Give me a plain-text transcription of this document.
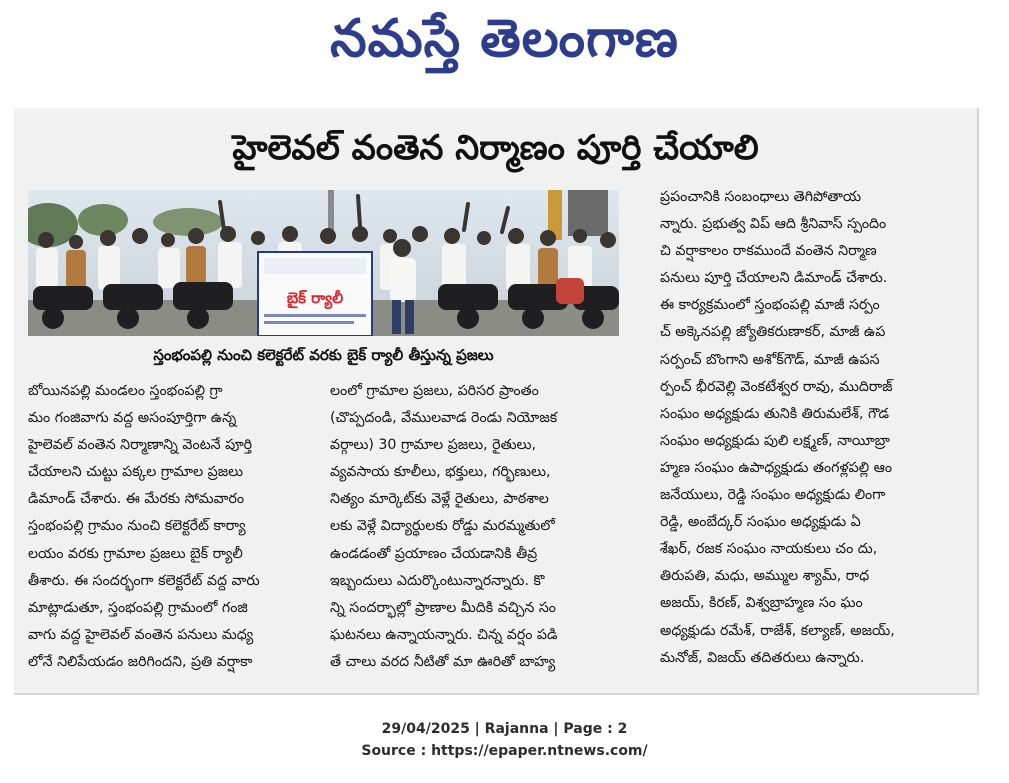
నమస్తే తెలంగాణ
హైలెవల్ వంతెన నిర్మాణం పూర్తి చేయాలి
బైక్ ర్యాలీ
స్తంభంపల్లి నుంచి కలెక్టరేట్ వరకు బైక్ ర్యాలీ తీస్తున్న ప్రజలు
బోయినపల్లి మండలం స్తంభంపల్లి గ్రా
మం గంజివాగు వద్ద అసంపూర్తిగా ఉన్న
హైలెవల్ వంతెన నిర్మాణాన్ని వెంటనే పూర్తి
చేయాలని చుట్టు పక్కల గ్రామాల ప్రజలు
డిమాండ్ చేశారు. ఈ మేరకు సోమవారం
స్తంభంపల్లి గ్రామం నుంచి కలెక్టరేట్ కార్యా
లయం వరకు గ్రామాల ప్రజలు బైక్ ర్యాలీ
తీశారు. ఈ సందర్భంగా కలెక్టరేట్ వద్ద వారు
మాట్లాడుతూ, స్తంభంపల్లి గ్రామంలో గంజి
వాగు వద్ద హైలెవల్ వంతెన పనులు మధ్య
లోనే నిలిపేయడం జరిగిందని, ప్రతి వర్షాకా
లంలో గ్రామాల ప్రజలు, పరిసర ప్రాంతం
(చొప్పదండి, వేములవాడ రెండు నియోజక
వర్గాలు) 30 గ్రామాల ప్రజలు, రైతులు,
వ్యవసాయ కూలీలు, భక్తులు, గర్భిణులు,
నిత్యం మార్కెట్‌కు వెళ్లే రైతులు, పాఠశాల
లకు వెళ్లే విద్యార్థులకు రోడ్డు మరమ్మతులో
ఉండడంతో ప్రయాణం చేయడానికి తీవ్ర
ఇబ్బందులు ఎదుర్కొంటున్నారన్నారు. కొ
న్ని సందర్భాల్లో ప్రాణాల మీదికి వచ్చిన సం
ఘటనలు ఉన్నాయన్నారు. చిన్న వర్షం పడి
తే చాలు వరద నీటితో మా ఊరితో బాహ్య
ప్రపంచానికి సంబంధాలు తెగిపోతాయ
న్నారు. ప్రభుత్వ విప్ ఆది శ్రీనివాస్ స్పందిం
చి వర్షాకాలం రాకముందే వంతెన నిర్మాణ
పనులు పూర్తి చేయాలని డిమాండ్ చేశారు.
ఈ కార్యక్రమంలో స్తంభంపల్లి మాజీ సర్పం
చ్ అక్కెనపల్లి జ్యోతికరుణాకర్, మాజీ ఉప
సర్పంచ్ బొంగాని అశోక్‌గౌడ్, మాజీ ఉపస
ర్పంచ్ భీరవెల్లి వెంకటేశ్వర రావు, ముదిరాజ్
సంఘం అధ్యక్షుడు తునికి తిరుమలేశ్, గౌడ
సంఘం అధ్యక్షుడు పులి లక్ష్మణ్, నాయీబ్రా
హ్మణ సంఘం ఉపాధ్యక్షుడు తంగళ్లపల్లి ఆం
జనేయులు, రెడ్డి సంఘం అధ్యక్షుడు లింగా
రెడ్డి, అంబేద్కర్ సంఘం అధ్యక్షుడు ఏ
శేఖర్, రజక సంఘం నాయకులు చం దు,
తిరుపతి, మధు, అమ్ముల శ్యామ్, రాధ
అజయ్, కిరణ్, విశ్వబ్రాహ్మణ సం ఘం
అధ్యక్షుడు రమేశ్, రాజేశ్, కల్యాణ్, అజయ్,
మనోజ్, విజయ్ తదితరులు ఉన్నారు.
29/04/2025 | Rajanna | Page : 2
Source : https://epaper.ntnews.com/
